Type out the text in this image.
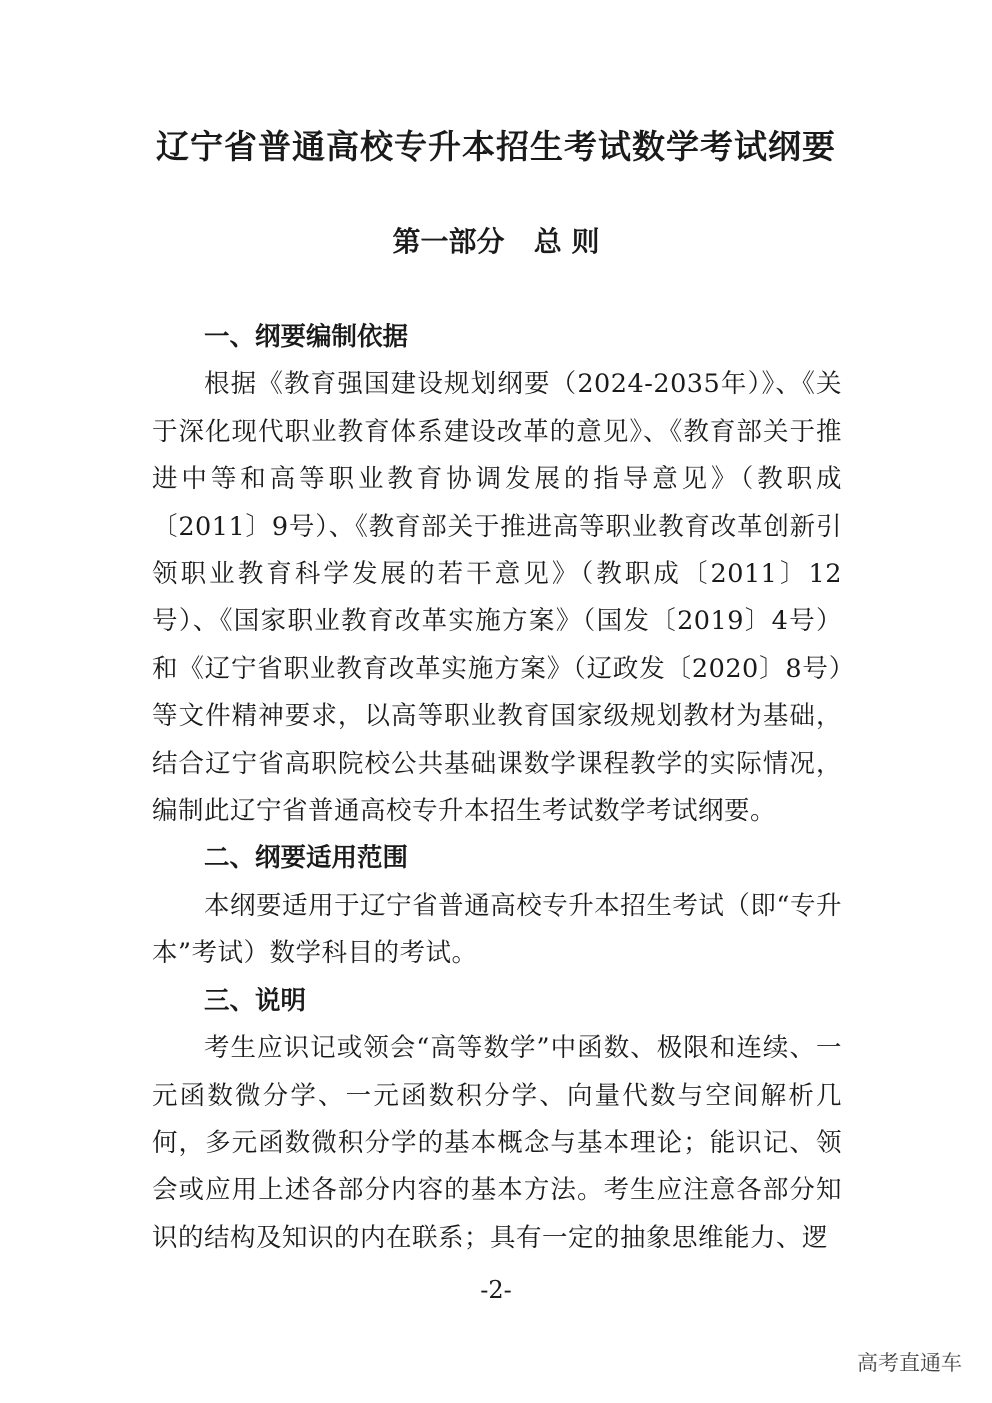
辽宁省普通高校专升本招生考试数学考试纲要
第一部分   总 则
一、纲要编制依据

根据《教育强国建设规划纲要（2024-2035年）》、《关于深化现代职业教育体系建设改革的意见》、《教育部关于推进中等和高等职业教育协调发展的指导意见》（教职成〔2011〕9号）、《教育部关于推进高等职业教育改革创新引领职业教育科学发展的若干意见》（教职成〔2011〕12号）、《国家职业教育改革实施方案》（国发〔2019〕4号）和《辽宁省职业教育改革实施方案》（辽政发〔2020〕8号）等文件精神要求，以高等职业教育国家级规划教材为基础，结合辽宁省高职院校公共基础课数学课程教学的实际情况，编制此辽宁省普通高校专升本招生考试数学考试纲要。

二、纲要适用范围

本纲要适用于辽宁省普通高校专升本招生考试（即“专升本”考试）数学科目的考试。

三、说明

考生应识记或领会“高等数学”中函数、极限和连续、一元函数微分学、一元函数积分学、向量代数与空间解析几何，多元函数微积分学的基本概念与基本理论；能识记、领会或应用上述各部分内容的基本方法。考生应注意各部分知识的结构及知识的内在联系；具有一定的抽象思维能力、逻

-2-
高考直通车
